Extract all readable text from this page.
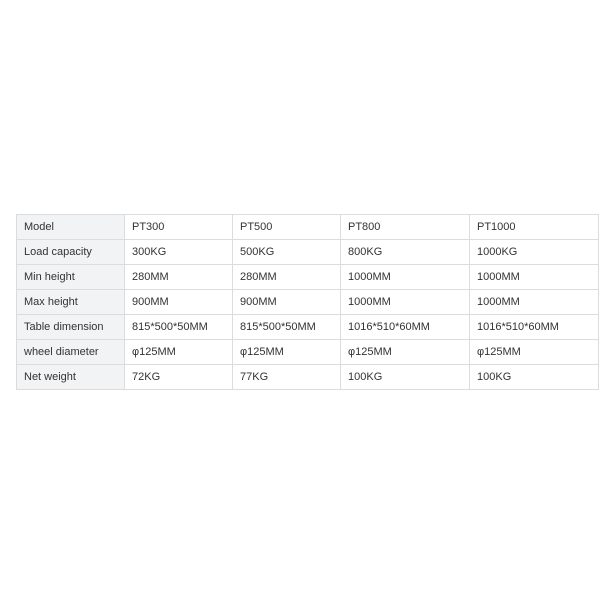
Model	PT300	PT500	PT800	PT1000
Load capacity	300KG	500KG	800KG	1000KG
Min height	280MM	280MM	1000MM	1000MM
Max height	900MM	900MM	1000MM	1000MM
Table dimension	815*500*50MM	815*500*50MM	1016*510*60MM	1016*510*60MM
wheel diameter	φ125MM	φ125MM	φ125MM	φ125MM
Net weight	72KG	77KG	100KG	100KG
